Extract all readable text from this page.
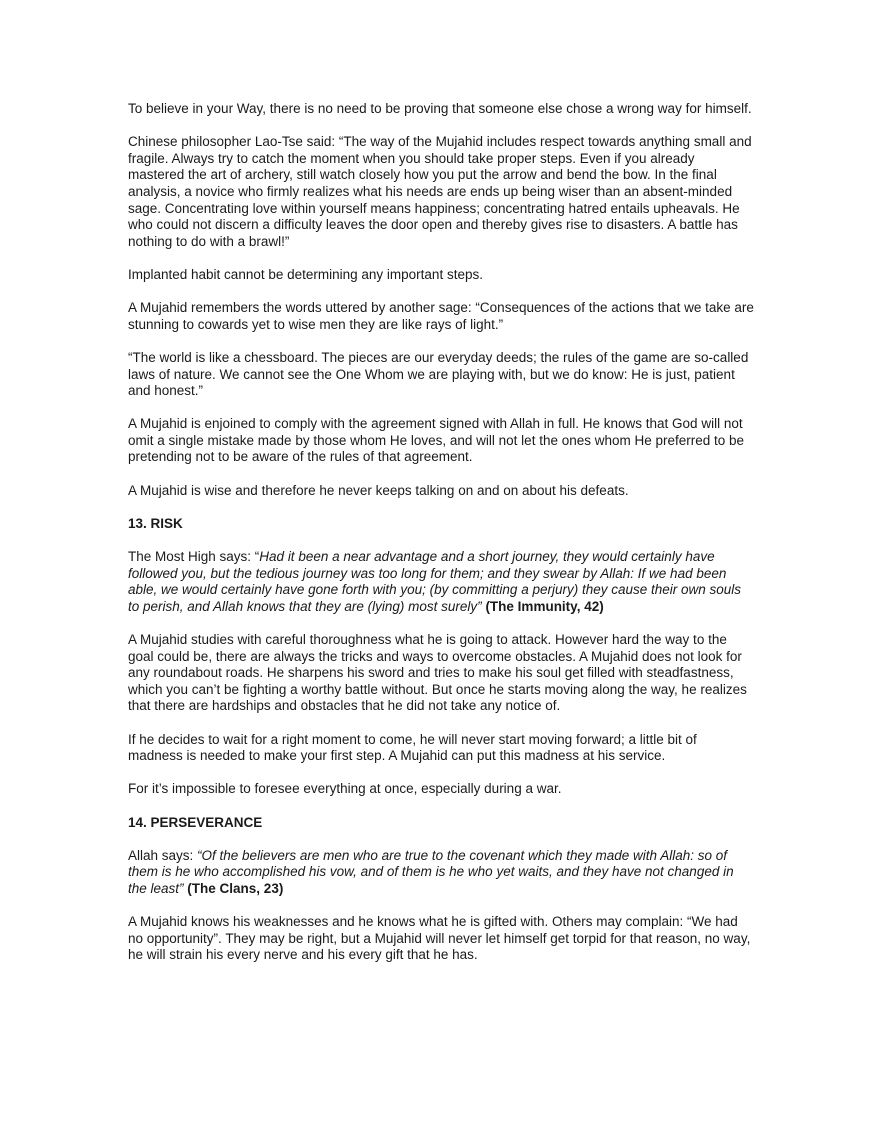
To believe in your Way, there is no need to be proving that someone else chose a wrong way for himself.

Chinese philosopher Lao-Tse said: “The way of the Mujahid includes respect towards anything small and fragile. Always try to catch the moment when you should take proper steps. Even if you already mastered the art of archery, still watch closely how you put the arrow and bend the bow. In the final analysis, a novice who firmly realizes what his needs are ends up being wiser than an absent-minded sage. Concentrating love within yourself means happiness; concentrating hatred entails upheavals. He who could not discern a difficulty leaves the door open and thereby gives rise to disasters. A battle has nothing to do with a brawl!”

Implanted habit cannot be determining any important steps.

A Mujahid remembers the words uttered by another sage: “Consequences of the actions that we take are stunning to cowards yet to wise men they are like rays of light.”

“The world is like a chessboard. The pieces are our everyday deeds; the rules of the game are so-called laws of nature. We cannot see the One Whom we are playing with, but we do know: He is just, patient and honest.”

A Mujahid is enjoined to comply with the agreement signed with Allah in full. He knows that God will not omit a single mistake made by those whom He loves, and will not let the ones whom He preferred to be pretending not to be aware of the rules of that agreement.

A Mujahid is wise and therefore he never keeps talking on and on about his defeats.

13. RISK

The Most High says: “Had it been a near advantage and a short journey, they would certainly have followed you, but the tedious journey was too long for them; and they swear by Allah: If we had been able, we would certainly have gone forth with you; (by committing a perjury) they cause their own souls to perish, and Allah knows that they are (lying) most surely” (The Immunity, 42)

A Mujahid studies with careful thoroughness what he is going to attack. However hard the way to the goal could be, there are always the tricks and ways to overcome obstacles. A Mujahid does not look for any roundabout roads. He sharpens his sword and tries to make his soul get filled with steadfastness, which you can’t be fighting a worthy battle without. But once he starts moving along the way, he realizes that there are hardships and obstacles that he did not take any notice of.

If he decides to wait for a right moment to come, he will never start moving forward; a little bit of madness is needed to make your first step. A Mujahid can put this madness at his service.

For it’s impossible to foresee everything at once, especially during a war.

14. PERSEVERANCE

Allah says: “Of the believers are men who are true to the covenant which they made with Allah: so of them is he who accomplished his vow, and of them is he who yet waits, and they have not changed in the least” (The Clans, 23)

A Mujahid knows his weaknesses and he knows what he is gifted with. Others may complain: “We had no opportunity”. They may be right, but a Mujahid will never let himself get torpid for that reason, no way, he will strain his every nerve and his every gift that he has.
